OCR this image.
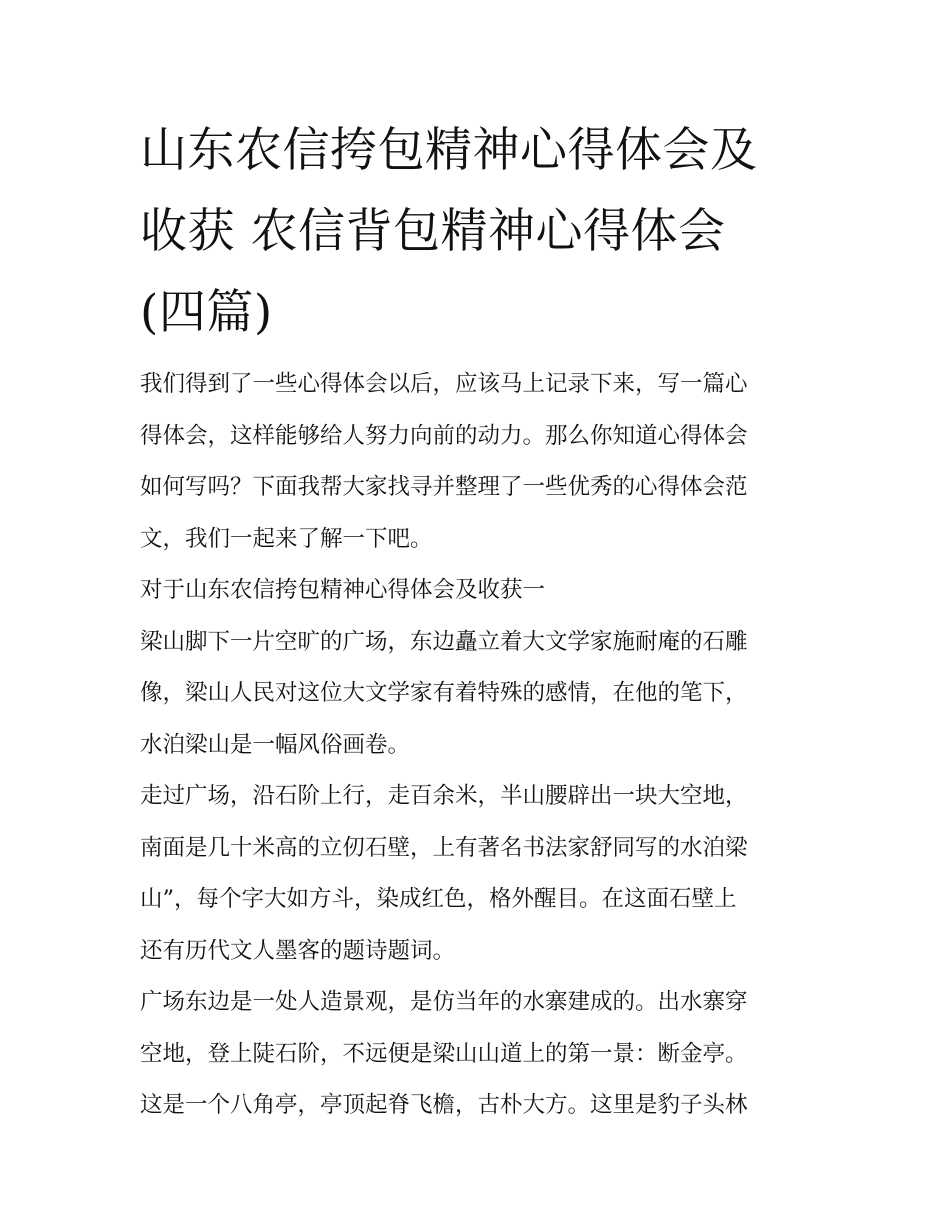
山东农信挎包精神心得体会及
收获 农信背包精神心得体会
(四篇)

我们得到了一些心得体会以后，应该马上记录下来，写一篇心
得体会，这样能够给人努力向前的动力。那么你知道心得体会
如何写吗？下面我帮大家找寻并整理了一些优秀的心得体会范
文，我们一起来了解一下吧。

对于山东农信挎包精神心得体会及收获一

梁山脚下一片空旷的广场，东边矗立着大文学家施耐庵的石雕
像，梁山人民对这位大文学家有着特殊的感情，在他的笔下，
水泊梁山是一幅风俗画卷。

走过广场，沿石阶上行，走百余米，半山腰辟出一块大空地，
南面是几十米高的立仞石壁，上有著名书法家舒同写的水泊梁
山”，每个字大如方斗，染成红色，格外醒目。在这面石壁上
还有历代文人墨客的题诗题词。

广场东边是一处人造景观，是仿当年的水寨建成的。出水寨穿
空地，登上陡石阶，不远便是梁山山道上的第一景：断金亭。
这是一个八角亭，亭顶起脊飞檐，古朴大方。这里是豹子头林
